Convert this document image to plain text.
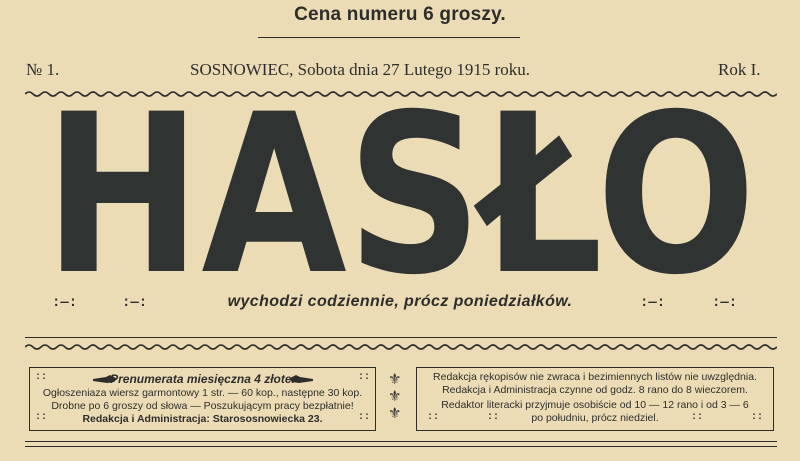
Cena numeru 6 groszy.
№ 1.	SOSNOWIEC, Sobota dnia 27 Lutego 1915 roku.	Rok I.
HASŁO
:—:	:—:	wychodzi codziennie, prócz poniedziałków.	:—:	:—:
::	::
::	::
Prenumerata miesięczna 4 złote.
Ogłoszeniaza wiersz garmontowy 1 str. — 60 kop., następne 30 kop.
Drobne po 6 groszy od słowa — Poszukującym pracy bezpłatnie!
Redakcja i Administracja: Starososnowiecka 23.
⚜
⚜
⚜
Redakcja rękopisów nie zwraca i bezimiennych listów nie uwzględnia.
Redakcja i Administracja czynne od godz. 8 rano do 8 wieczorem.
Redaktor literacki przyjmuje osobiście od 10 — 12 rano i od 3 — 6
po południu, prócz niedziel.
::	::	::	::
